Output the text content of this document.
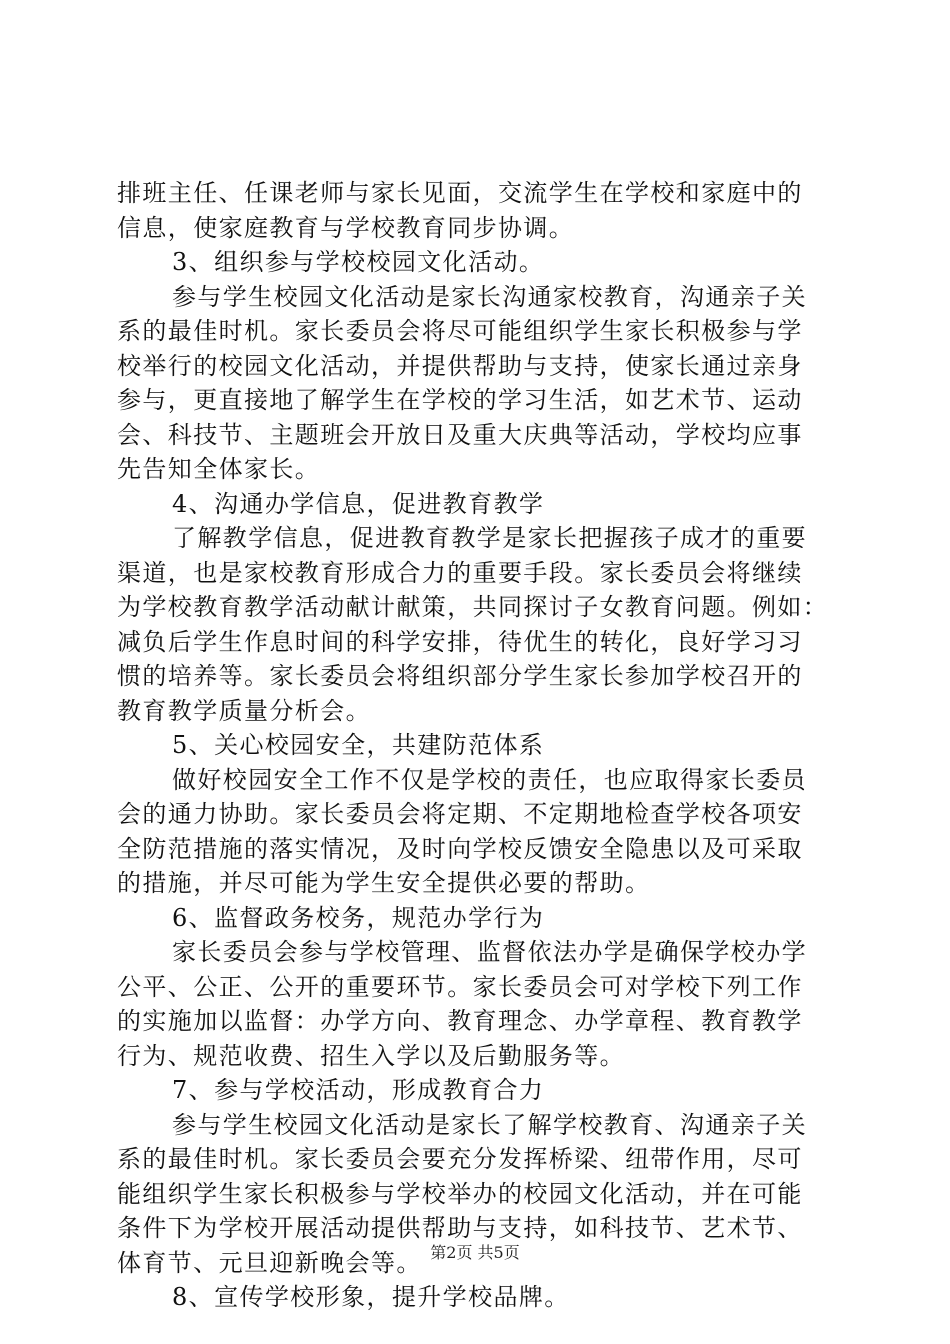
排班主任、任课老师与家长见面，交流学生在学校和家庭中的
信息，使家庭教育与学校教育同步协调。
3、组织参与学校校园文化活动。
参与学生校园文化活动是家长沟通家校教育，沟通亲子关
系的最佳时机。家长委员会将尽可能组织学生家长积极参与学
校举行的校园文化活动，并提供帮助与支持，使家长通过亲身
参与，更直接地了解学生在学校的学习生活，如艺术节、运动
会、科技节、主题班会开放日及重大庆典等活动，学校均应事
先告知全体家长。
4、沟通办学信息，促进教育教学
了解教学信息，促进教育教学是家长把握孩子成才的重要
渠道，也是家校教育形成合力的重要手段。家长委员会将继续
为学校教育教学活动献计献策，共同探讨子女教育问题。例如：
减负后学生作息时间的科学安排，待优生的转化，良好学习习
惯的培养等。家长委员会将组织部分学生家长参加学校召开的
教育教学质量分析会。
5、关心校园安全，共建防范体系
做好校园安全工作不仅是学校的责任，也应取得家长委员
会的通力协助。家长委员会将定期、不定期地检查学校各项安
全防范措施的落实情况，及时向学校反馈安全隐患以及可采取
的措施，并尽可能为学生安全提供必要的帮助。
6、监督政务校务，规范办学行为
家长委员会参与学校管理、监督依法办学是确保学校办学
公平、公正、公开的重要环节。家长委员会可对学校下列工作
的实施加以监督：办学方向、教育理念、办学章程、教育教学
行为、规范收费、招生入学以及后勤服务等。
7、参与学校活动，形成教育合力
参与学生校园文化活动是家长了解学校教育、沟通亲子关
系的最佳时机。家长委员会要充分发挥桥梁、纽带作用，尽可
能组织学生家长积极参与学校举办的校园文化活动，并在可能
条件下为学校开展活动提供帮助与支持，如科技节、艺术节、
体育节、元旦迎新晚会等。
8、宣传学校形象，提升学校品牌。
第2页 共5页
